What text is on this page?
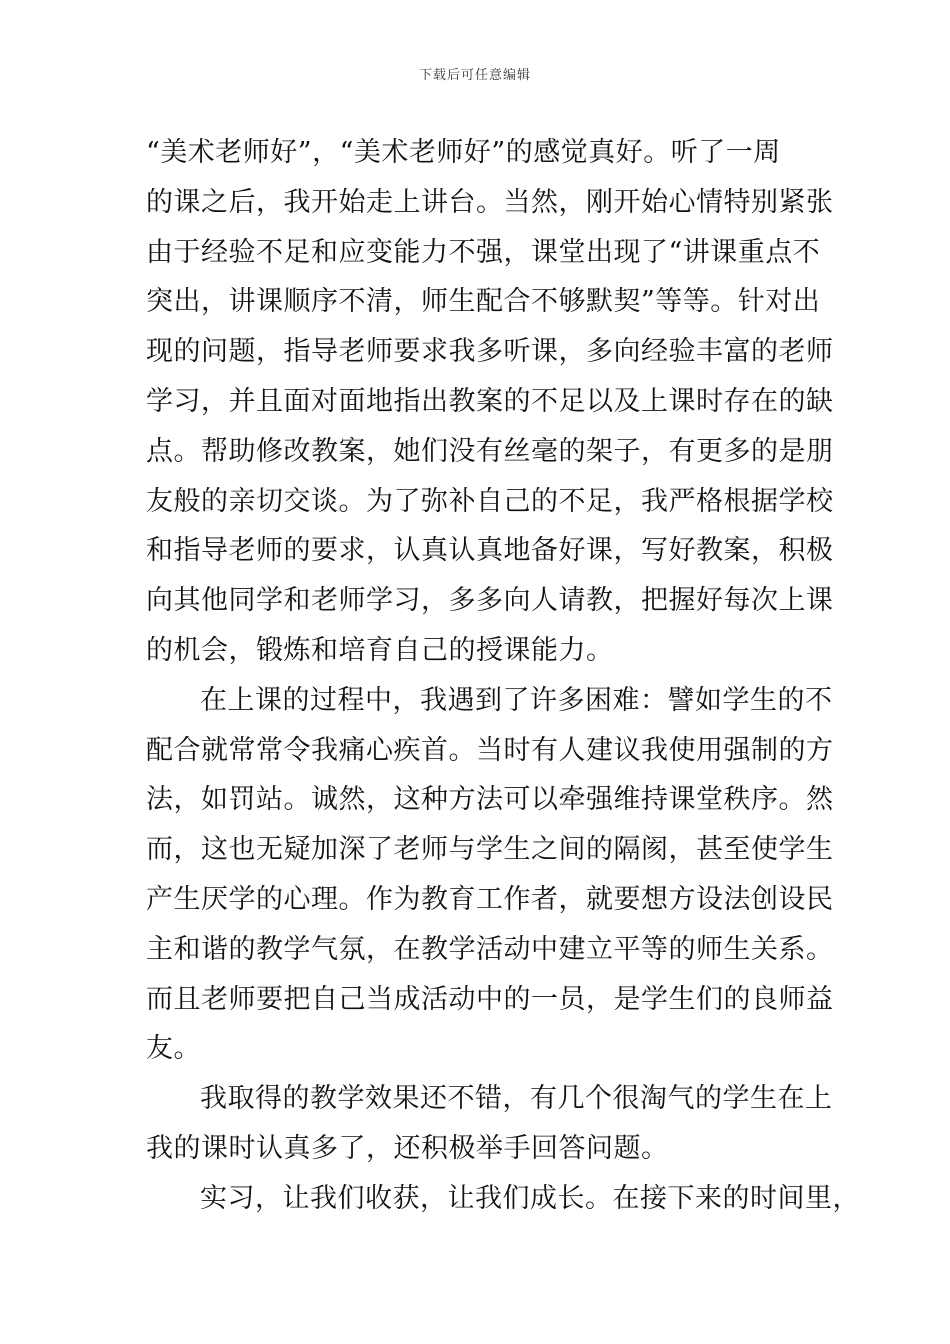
下载后可任意编辑
“美术老师好”，“美术老师好”的感觉真好。听了一周
的课之后，我开始走上讲台。当然，刚开始心情特别紧张
由于经验不足和应变能力不强，课堂出现了“讲课重点不
突出，讲课顺序不清，师生配合不够默契”等等。针对出
现的问题，指导老师要求我多听课，多向经验丰富的老师
学习，并且面对面地指出教案的不足以及上课时存在的缺
点。帮助修改教案，她们没有丝毫的架子，有更多的是朋
友般的亲切交谈。为了弥补自己的不足，我严格根据学校
和指导老师的要求，认真认真地备好课，写好教案，积极
向其他同学和老师学习，多多向人请教，把握好每次上课
的机会，锻炼和培育自己的授课能力。
在上课的过程中，我遇到了许多困难：譬如学生的不
配合就常常令我痛心疾首。当时有人建议我使用强制的方
法，如罚站。诚然，这种方法可以牵强维持课堂秩序。然
而，这也无疑加深了老师与学生之间的隔阂，甚至使学生
产生厌学的心理。作为教育工作者，就要想方设法创设民
主和谐的教学气氛，在教学活动中建立平等的师生关系。
而且老师要把自己当成活动中的一员，是学生们的良师益
友。
我取得的教学效果还不错，有几个很淘气的学生在上
我的课时认真多了，还积极举手回答问题。
实习，让我们收获，让我们成长。在接下来的时间里，
